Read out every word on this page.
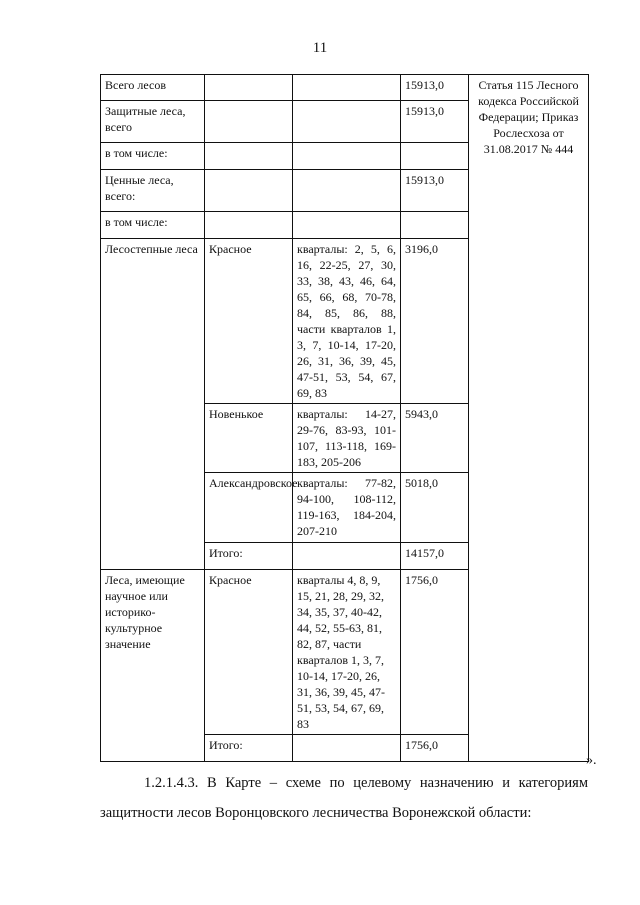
11
Всего лесов			15913,0	Статья 115 Лесного кодекса Российской Федерации; Приказ Рослесхоза от 31.08.2017 № 444
Защитные леса, всего			15913,0	
в том числе:				
Ценные леса, всего:			15913,0	
в том числе:				
Лесостепные леса	Красное	кварталы: 2, 5, 6, 16, 22-25, 27, 30, 33, 38, 43, 46, 64, 65, 66, 68, 70-78, 84, 85, 86, 88, части кварталов 1, 3, 7, 10-14, 17-20, 26, 31, 36, 39, 45, 47-51, 53, 54, 67, 69, 83	3196,0	
	Новенькое	кварталы: 14-27, 29-76, 83-93, 101-107, 113-118, 169-183, 205-206	5943,0	
	Александровское	кварталы: 77-82, 94-100, 108-112, 119-163, 184-204, 207-210	5018,0	
	Итого:		14157,0	
Леса, имеющие научное или историко-культурное значение	Красное	кварталы 4, 8, 9, 15, 21, 28, 29, 32, 34, 35, 37, 40-42, 44, 52, 55-63, 81, 82, 87, части кварталов 1, 3, 7, 10-14, 17-20, 26, 31, 36, 39, 45, 47-51, 53, 54, 67, 69, 83	1756,0	
	Итого:		1756,0	
».
1.2.1.4.3. В Карте – схеме по целевому назначению и категориям
защитности лесов Воронцовского лесничества Воронежской области:
